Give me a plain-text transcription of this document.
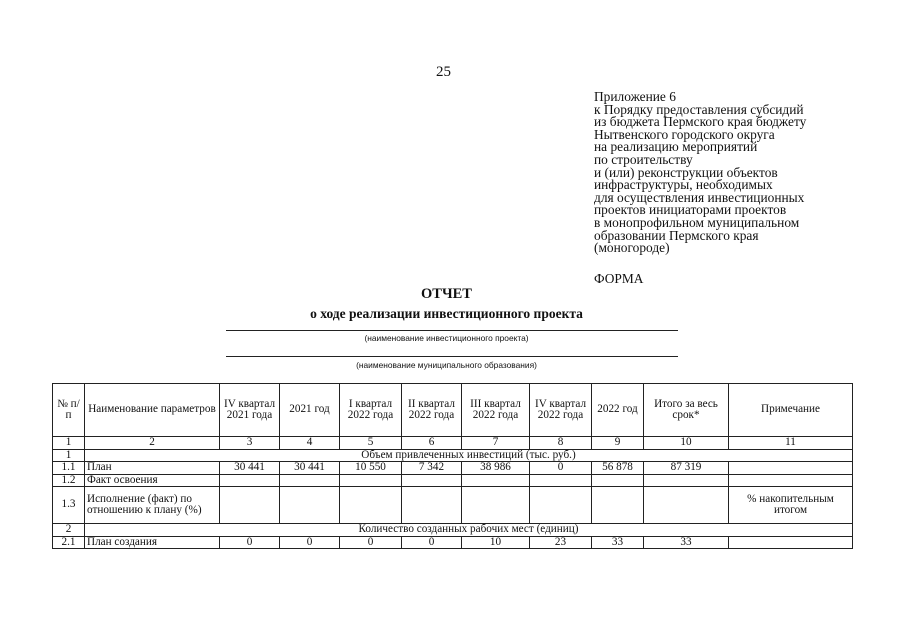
25
Приложение 6
к Порядку предоставления субсидий
из бюджета Пермского края бюджету
Нытвенского городского округа
на реализацию мероприятий
по строительству
и (или) реконструкции объектов
инфраструктуры, необходимых
для осуществления инвестиционных
проектов инициаторами проектов
в монопрофильном муниципальном
образовании Пермского края
(моногороде)
ФОРМА
ОТЧЕТ
о ходе реализации инвестиционного проекта
(наименование инвестиционного проекта)
(наименование муниципального образования)
№ п/п	Наименование параметров	IV квартал 2021 года	2021 год	I квартал 2022 года	II квартал 2022 года	III квартал 2022 года	IV квартал 2022 года	2022 год	Итого за весь срок*	Примечание
1	2	3	4	5	6	7	8	9	10	11
1	Объем привлеченных инвестиций (тыс. руб.)									
1.1	План	30 441	30 441	10 550	7 342	38 986	0	56 878	87 319	
1.2	Факт освоения									
1.3	Исполнение (факт) по отношению к плану (%)									% накопительным итогом
2	Количество созданных рабочих мест (единиц)									
2.1	План создания	0	0	0	0	10	23	33	33	
